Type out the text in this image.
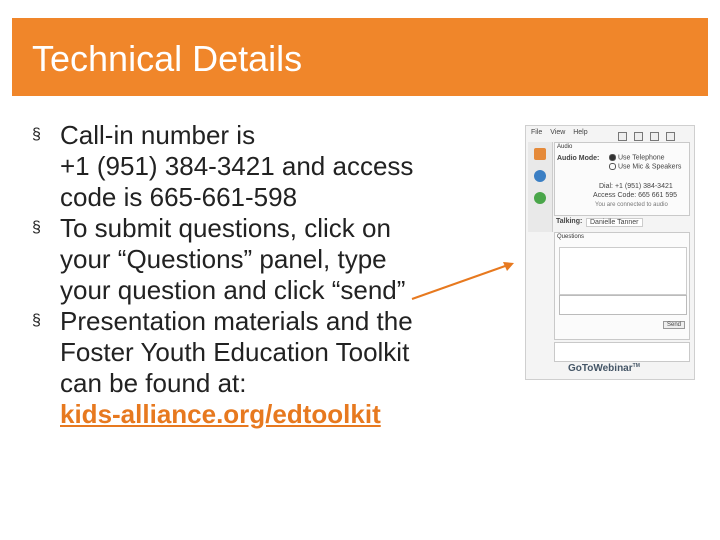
Technical Details
§ Call-in number is
+1 (951) 384-3421 and access
code is 665-661-598
§ To submit questions, click on
your “Questions” panel, type
your question and click “send”
§ Presentation materials and the
Foster Youth Education Toolkit
can be found at:
kids-alliance.org/edtoolkit
File View Help
Audio
Audio Mode:	Use Telephone
Use Mic & Speakers
Dial: +1 (951) 384-3421
Access Code: 665 661 595
You are connected to audio
Talking:	Danielle Tanner
Questions
Send
GoToWebinar™
